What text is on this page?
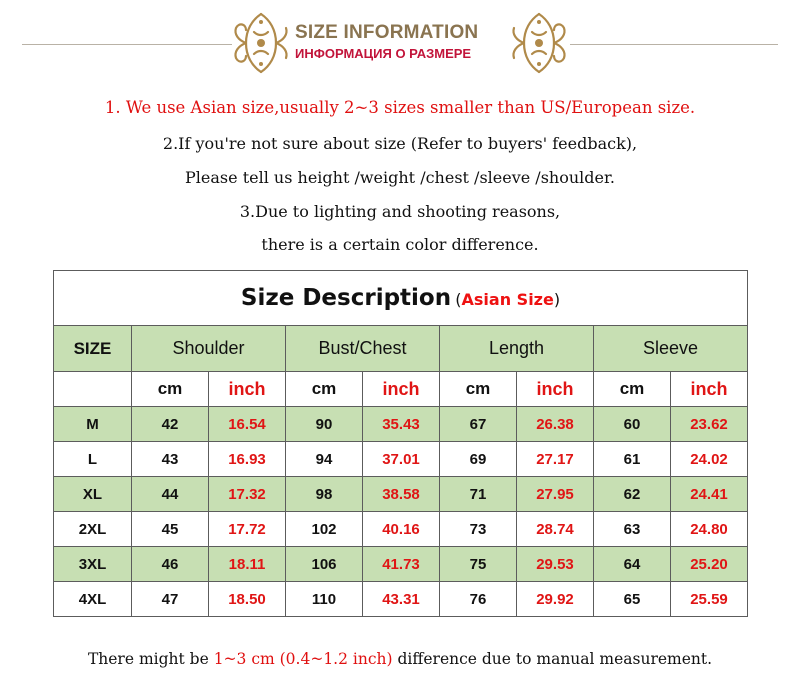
SIZE INFORMATION
ИНФОРМАЦИЯ О РАЗМЕРЕ
1. We use Asian size,usually 2~3 sizes smaller than US/European size.
2.If you're not sure about size (Refer to buyers' feedback),
Please tell us height /weight /chest /sleeve /shoulder.
3.Due to lighting and shooting reasons,
there is a certain color difference.
Size Description (Asian Size)								
SIZE	Shoulder		Bust/Chest		Length		Sleeve	
	cm	inch	cm	inch	cm	inch	cm	inch
M	42	16.54	90	35.43	67	26.38	60	23.62
L	43	16.93	94	37.01	69	27.17	61	24.02
XL	44	17.32	98	38.58	71	27.95	62	24.41
2XL	45	17.72	102	40.16	73	28.74	63	24.80
3XL	46	18.11	106	41.73	75	29.53	64	25.20
4XL	47	18.50	110	43.31	76	29.92	65	25.59
There might be 1~3 cm (0.4~1.2 inch) difference due to manual measurement.
